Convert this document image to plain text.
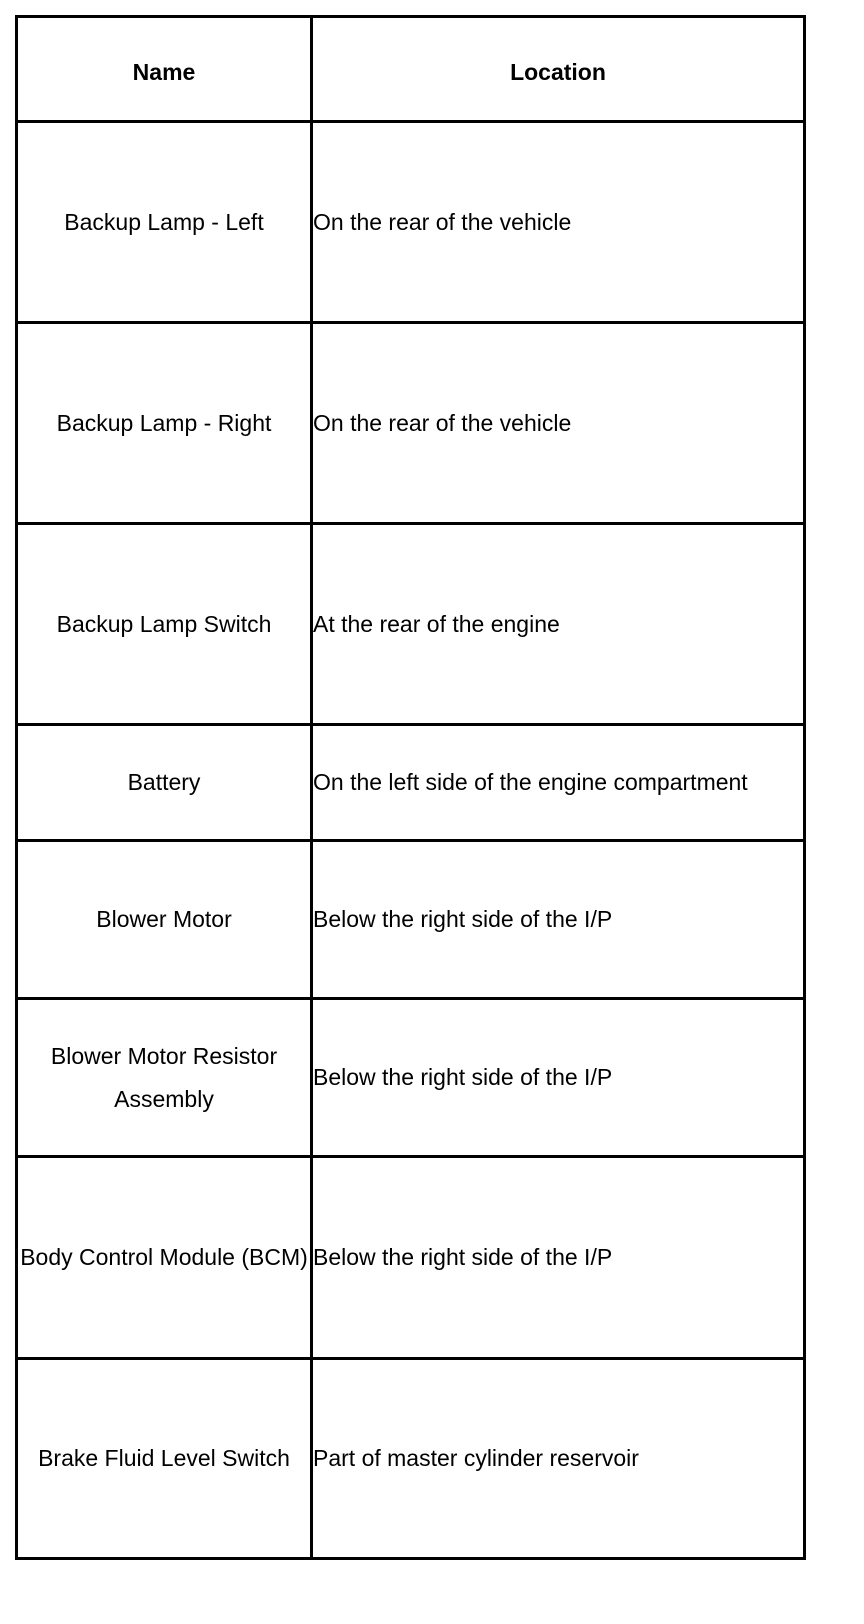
Name	Location
Backup Lamp - Left	On the rear of the vehicle
Backup Lamp - Right	On the rear of the vehicle
Backup Lamp Switch	At the rear of the engine
Battery	On the left side of the engine compartment
Blower Motor	Below the right side of the I/P
Blower Motor Resistor Assembly	Below the right side of the I/P
Body Control Module (BCM)	Below the right side of the I/P
Brake Fluid Level Switch	Part of master cylinder reservoir
